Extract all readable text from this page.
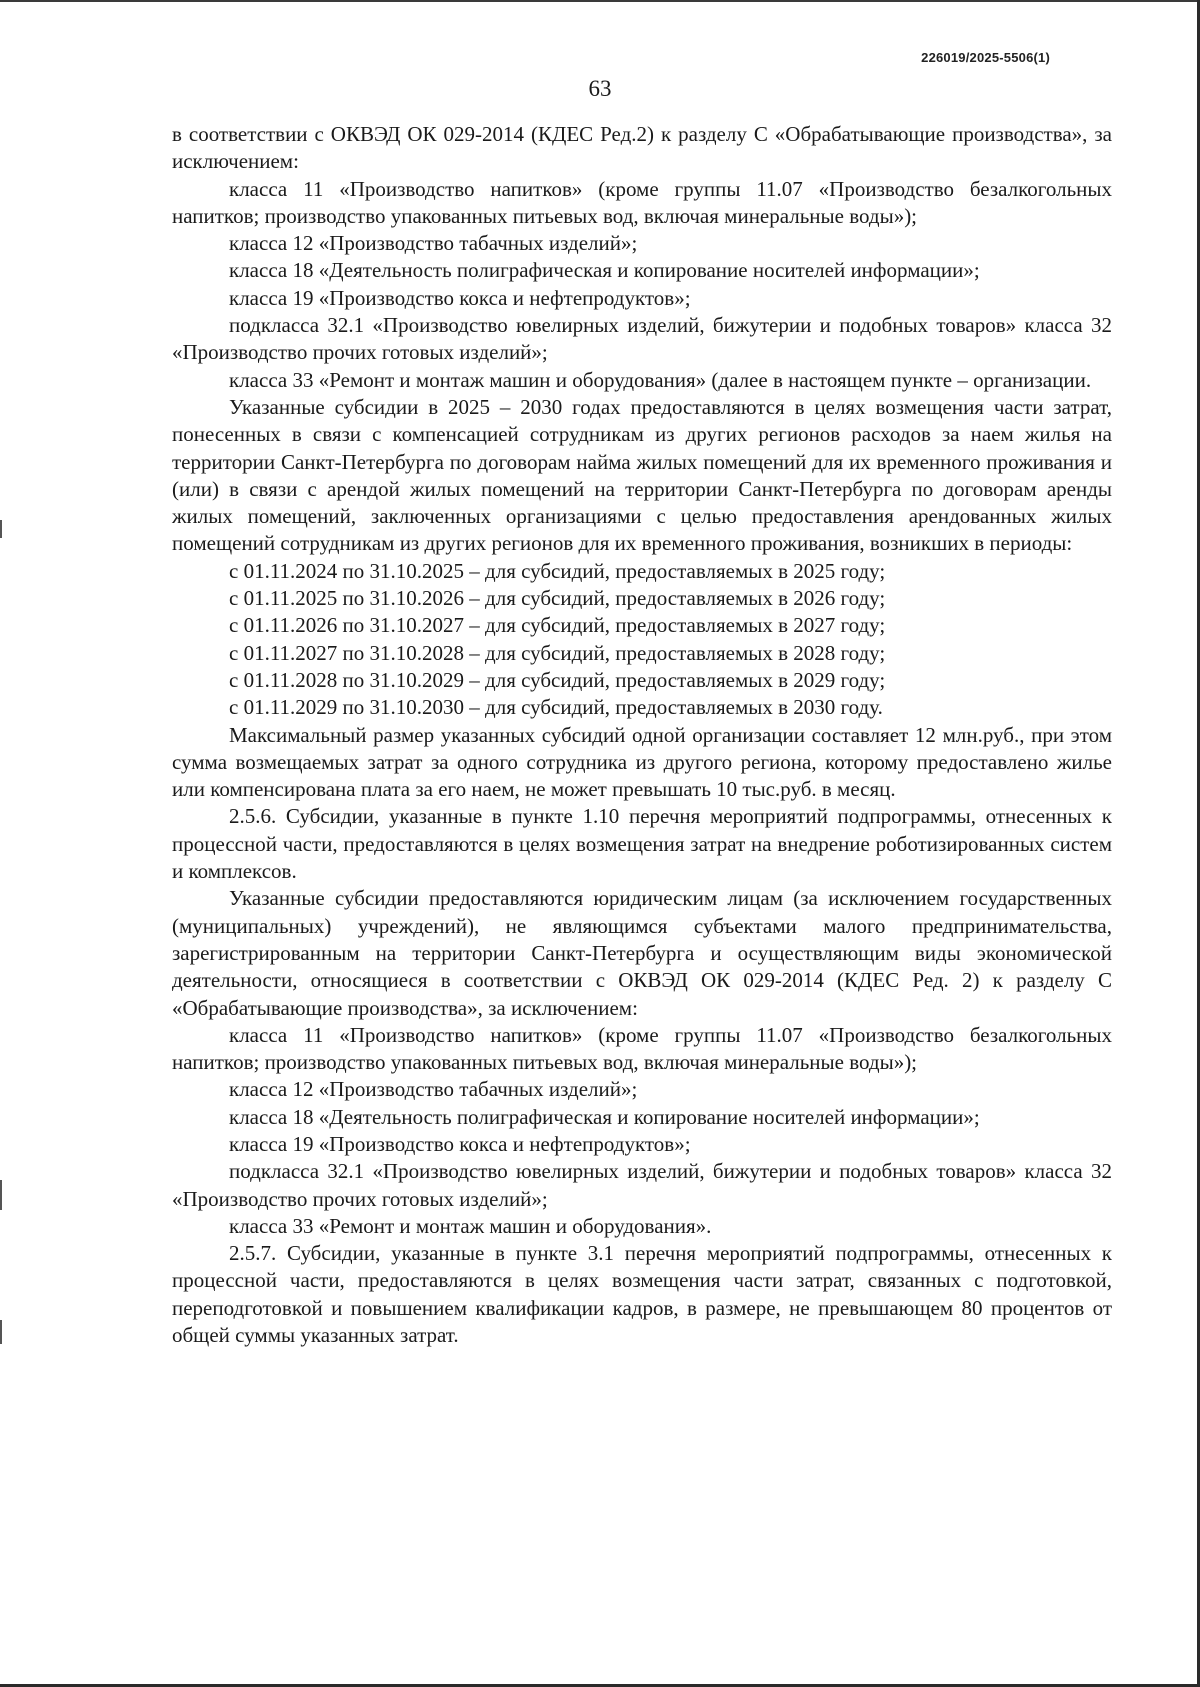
226019/2025-5506(1)
63

в соответствии с ОКВЭД ОК 029-2014 (КДЕС Ред.2) к разделу C «Обрабатывающие производства», за исключением:

класса 11 «Производство напитков» (кроме группы 11.07 «Производство безалкогольных напитков; производство упакованных питьевых вод, включая минеральные воды»);

класса 12 «Производство табачных изделий»;

класса 18 «Деятельность полиграфическая и копирование носителей информации»;

класса 19 «Производство кокса и нефтепродуктов»;

подкласса 32.1 «Производство ювелирных изделий, бижутерии и подобных товаров» класса 32 «Производство прочих готовых изделий»;

класса 33 «Ремонт и монтаж машин и оборудования» (далее в настоящем пункте – организации.

Указанные субсидии в 2025 – 2030 годах предоставляются в целях возмещения части затрат, понесенных в связи с компенсацией сотрудникам из других регионов расходов за наем жилья на территории Санкт-Петербурга по договорам найма жилых помещений для их временного проживания и (или) в связи с арендой жилых помещений на территории Санкт-Петербурга по договорам аренды жилых помещений, заключенных организациями с целью предоставления арендованных жилых помещений сотрудникам из других регионов для их временного проживания, возникших в периоды:

с 01.11.2024 по 31.10.2025 – для субсидий, предоставляемых в 2025 году;

с 01.11.2025 по 31.10.2026 – для субсидий, предоставляемых в 2026 году;

с 01.11.2026 по 31.10.2027 – для субсидий, предоставляемых в 2027 году;

с 01.11.2027 по 31.10.2028 – для субсидий, предоставляемых в 2028 году;

с 01.11.2028 по 31.10.2029 – для субсидий, предоставляемых в 2029 году;

с 01.11.2029 по 31.10.2030 – для субсидий, предоставляемых в 2030 году.

Максимальный размер указанных субсидий одной организации составляет 12 млн.руб., при этом сумма возмещаемых затрат за одного сотрудника из другого региона, которому предоставлено жилье или компенсирована плата за его наем, не может превышать 10 тыс.руб. в месяц.

2.5.6. Субсидии, указанные в пункте 1.10 перечня мероприятий подпрограммы, отнесенных к процессной части, предоставляются в целях возмещения затрат на внедрение роботизированных систем и комплексов.

Указанные субсидии предоставляются юридическим лицам (за исключением государственных (муниципальных) учреждений), не являющимся субъектами малого предпринимательства, зарегистрированным на территории Санкт-Петербурга и осуществляющим виды экономической деятельности, относящиеся в соответствии с ОКВЭД ОК 029-2014 (КДЕС Ред. 2) к разделу C «Обрабатывающие производства», за исключением:

класса 11 «Производство напитков» (кроме группы 11.07 «Производство безалкогольных напитков; производство упакованных питьевых вод, включая минеральные воды»);

класса 12 «Производство табачных изделий»;

класса 18 «Деятельность полиграфическая и копирование носителей информации»;

класса 19 «Производство кокса и нефтепродуктов»;

подкласса 32.1 «Производство ювелирных изделий, бижутерии и подобных товаров» класса 32 «Производство прочих готовых изделий»;

класса 33 «Ремонт и монтаж машин и оборудования».

2.5.7. Субсидии, указанные в пункте 3.1 перечня мероприятий подпрограммы, отнесенных к процессной части, предоставляются в целях возмещения части затрат, связанных с подготовкой, переподготовкой и повышением квалификации кадров, в размере, не превышающем 80 процентов от общей суммы указанных затрат.
